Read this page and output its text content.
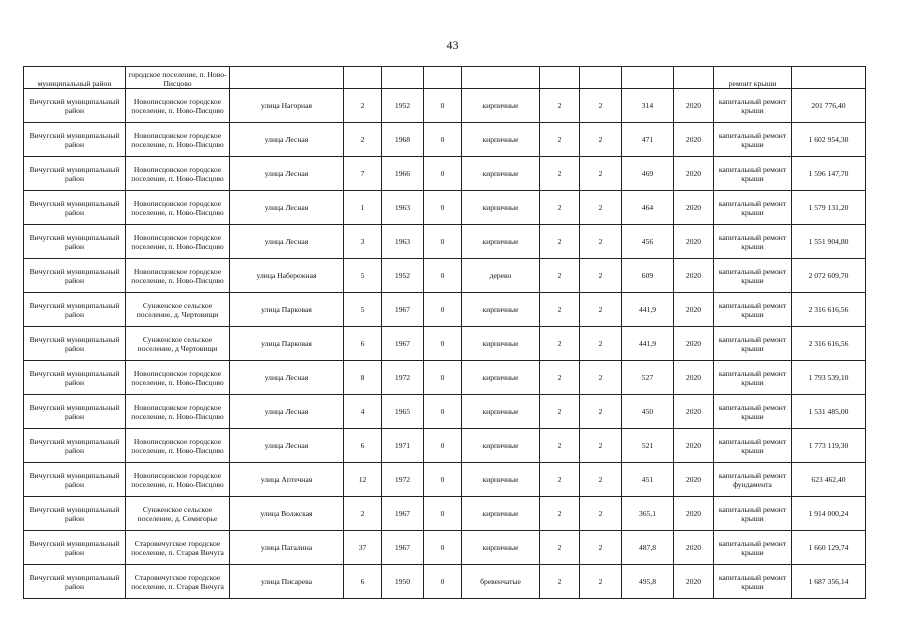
43
муниципальный район	городское поселение, п. Ново-Писцово										ремонт крыши	
Вичугский муниципальный район	Новописцовское городское поселение, п. Ново-Писцово	улица Нагорная	2	1952	0	кирпичные	2	2	314	2020	капитальный ремонт крыши	201 776,40
Вичугский муниципальный район	Новописцовское городское поселение, п. Ново-Писцово	улица Лесная	2	1968	0	кирпичные	2	2	471	2020	капитальный ремонт крыши	1 602 954,30
Вичугский муниципальный район	Новописцовское городское поселение, п. Ново-Писцово	улица Лесная	7	1966	0	кирпичные	2	2	469	2020	капитальный ремонт крыши	1 596 147,70
Вичугский муниципальный район	Новописцовское городское поселение, п. Ново-Писцово	улица Лесная	1	1963	0	кирпичные	2	2	464	2020	капитальный ремонт крыши	1 579 131,20
Вичугский муниципальный район	Новописцовское городское поселение, п. Ново-Писцово	улица Лесная	3	1963	0	кирпичные	2	2	456	2020	капитальный ремонт крыши	1 551 904,80
Вичугский муниципальный район	Новописцовское городское поселение, п. Ново-Писцово	улица Набережная	5	1952	0	дерево	2	2	609	2020	капитальный ремонт крыши	2 072 609,70
Вичугский муниципальный район	Сунженское сельское поселение, д. Чертовищи	улица Парковая	5	1967	0	кирпичные	2	2	441,9	2020	капитальный ремонт крыши	2 316 616,56
Вичугский муниципальный район	Сунженское сельское поселение, д Чертовищи	улица Парковая	6	1967	0	кирпичные	2	2	441,9	2020	капитальный ремонт крыши	2 316 616,56
Вичугский муниципальный район	Новописцовское городское поселение, п. Ново-Писцово	улица Лесная	8	1972	0	кирпичные	2	2	527	2020	капитальный ремонт крыши	1 793 539,10
Вичугский муниципальный район	Новописцовское городское поселение, п. Ново-Писцово	улица Лесная	4	1965	0	кирпичные	2	2	450	2020	капитальный ремонт крыши	1 531 485,00
Вичугский муниципальный район	Новописцовское городское поселение, п. Ново-Писцово	улица Лесная	6	1971	0	кирпичные	2	2	521	2020	капитальный ремонт крыши	1 773 119,30
Вичугский муниципальный район	Новописцовское городское поселение, п. Ново-Писцово	улица Аптечная	12	1972	0	кирпичные	2	2	451	2020	капитальный ремонт фундамента	623 462,40
Вичугский муниципальный район	Сунженское сельское поселение, д. Семигорье	улица Волжская	2	1967	0	кирпичные	2	2	365,1	2020	капитальный ремонт крыши	1 914 000,24
Вичугский муниципальный район	Старовичугское городское поселение, п. Старая Вичуга	улица Пагалина	37	1967	0	кирпичные	2	2	487,8	2020	капитальный ремонт крыши	1 660 129,74
Вичугский муниципальный район	Старовичугское городское поселение, п. Старая Вичуга	улица Писарева	6	1950	0	бревенчатые	2	2	495,8	2020	капитальный ремонт крыши	1 687 356,14
